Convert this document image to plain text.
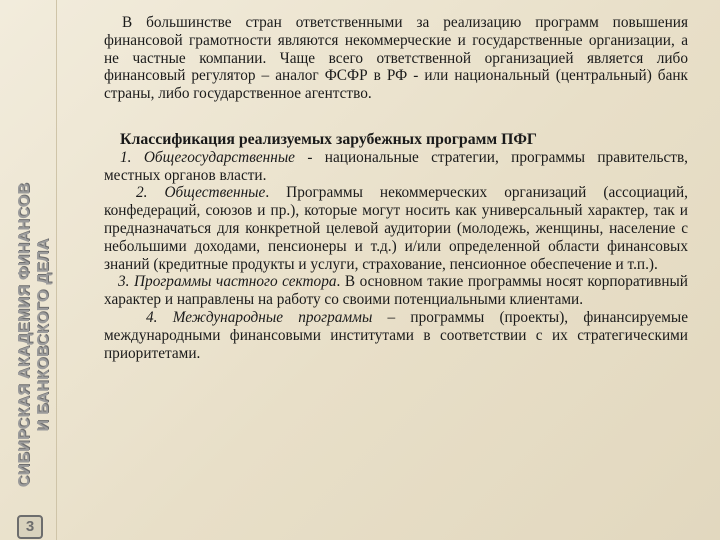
СИБИРСКАЯ АКАДЕМИЯ ФИНАНСОВ И БАНКОВСКОГО ДЕЛА
3

В большинстве стран ответственными за реализацию программ повышения финансовой грамотности являются некоммерческие и государственные организации, а не частные компании. Чаще всего ответственной организацией является либо финансовый регулятор – аналог ФСФР в РФ - или национальный (центральный) банк страны, либо государственное агентство.

Классификация реализуемых зарубежных программ ПФГ

1. Общегосударственные - национальные стратегии, программы правительств, местных органов власти.

2. Общественные. Программы некоммерческих организаций (ассоциаций, конфедераций, союзов и пр.), которые могут носить как универсальный характер, так и предназначаться для конкретной целевой аудитории (молодежь, женщины, население с небольшими доходами, пенсионеры и т.д.) и/или определенной области финансовых знаний (кредитные продукты и услуги, страхование, пенсионное обеспечение и т.п.).

3. Программы частного сектора. В основном такие программы носят корпоративный характер и направлены на работу со своими потенциальными клиентами.

4. Международные программы – программы (проекты), финансируемые международными финансовыми институтами в соответствии с их стратегическими приоритетами.
